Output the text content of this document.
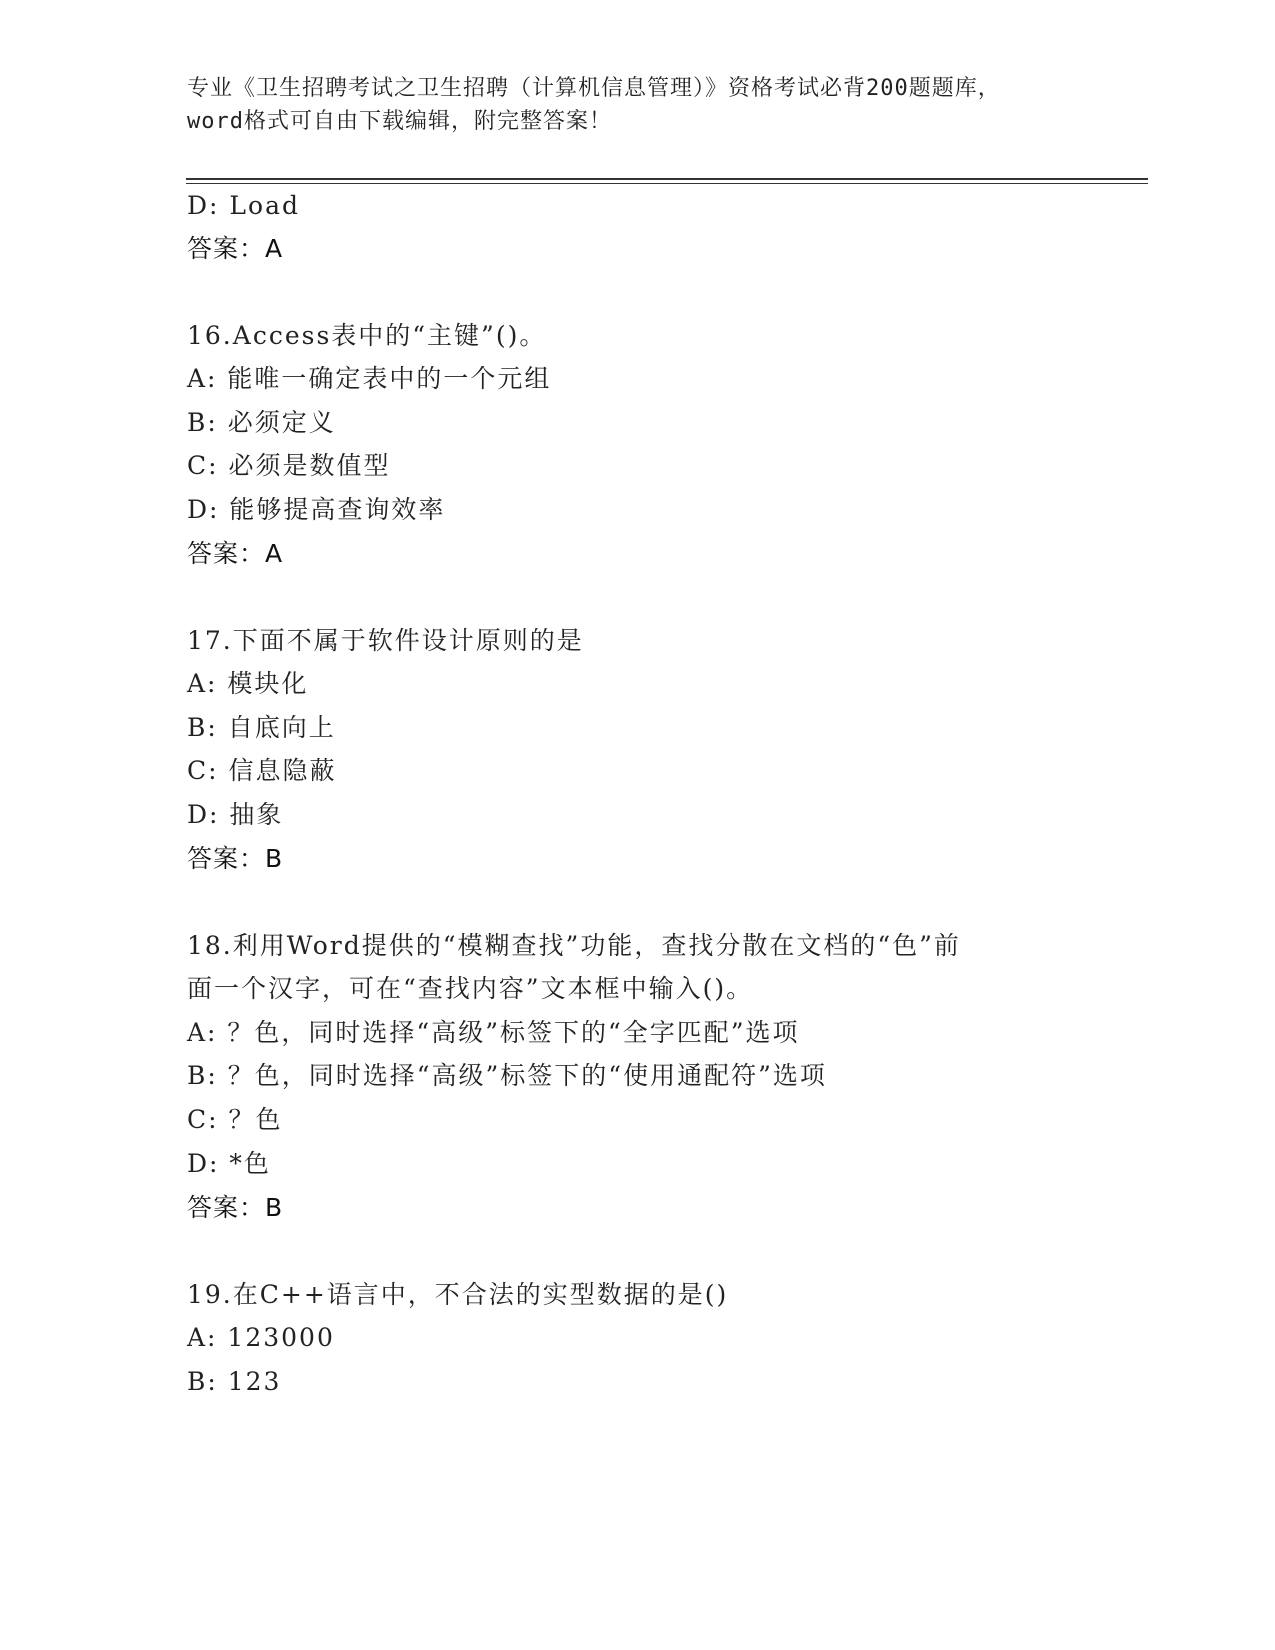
专业《卫生招聘考试之卫生招聘（计算机信息管理）》资格考试必背200题题库，
word格式可自由下载编辑，附完整答案！
D: Load
答案：A
16.Access表中的“主键”()。
A: 能唯一确定表中的一个元组
B: 必须定义
C: 必须是数值型
D: 能够提高查询效率
答案：A
17.下面不属于软件设计原则的是
A: 模块化
B: 自底向上
C: 信息隐蔽
D: 抽象
答案：B
18.利用Word提供的“模糊查找”功能，查找分散在文档的“色”前
面一个汉字，可在“查找内容”文本框中输入()。
A: ？色，同时选择“高级”标签下的“全字匹配”选项
B: ？色，同时选择“高级”标签下的“使用通配符”选项
C: ？色
D: *色
答案：B
19.在C++语言中，不合法的实型数据的是()
A: 123000
B: 123
